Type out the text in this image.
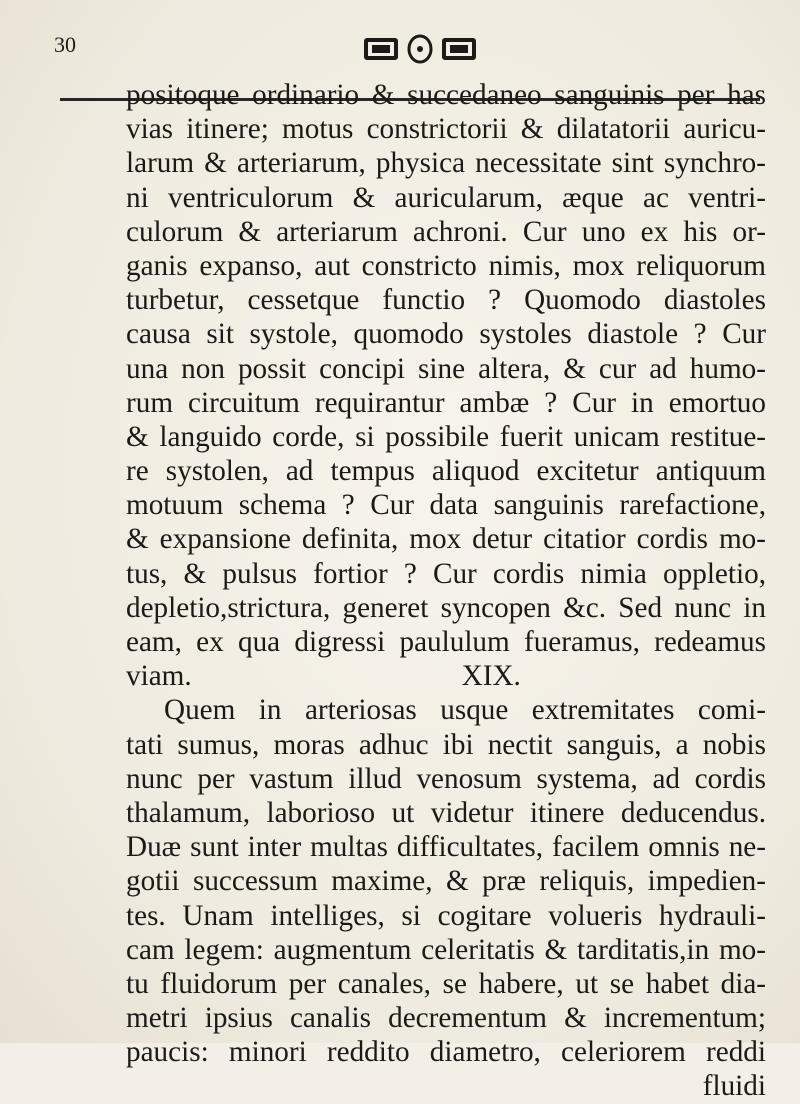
30
positoque ordinario & succedaneo sanguinis per has
vias itinere; motus constrictorii & dilatatorii auricu-
larum & arteriarum, physica necessitate sint synchro-
ni ventriculorum & auricularum, æque ac ventri-
culorum & arteriarum achroni. Cur uno ex his or-
ganis expanso, aut constricto nimis, mox reliquorum
turbetur, cessetque functio ? Quomodo diastoles
causa sit systole, quomodo systoles diastole ? Cur
una non possit concipi sine altera, & cur ad humo-
rum circuitum requirantur ambæ ? Cur in emortuo
& languido corde, si possibile fuerit unicam restitue-
re systolen, ad tempus aliquod excitetur antiquum
motuum schema ? Cur data sanguinis rarefactione,
& expansione definita, mox detur citatior cordis mo-
tus, & pulsus fortior ? Cur cordis nimia oppletio,
depletio,strictura, generet syncopen &c. Sed nunc in
eam, ex qua digressi paululum fueramus, redeamus
viam.	XIX.
Quem in arteriosas usque extremitates comi-
tati sumus, moras adhuc ibi nectit sanguis, a nobis
nunc per vastum illud venosum systema, ad cordis
thalamum, laborioso ut videtur itinere deducendus.
Duæ sunt inter multas difficultates, facilem omnis ne-
gotii successum maxime, & præ reliquis, impedien-
tes. Unam intelliges, si cogitare volueris hydrauli-
cam legem: augmentum celeritatis & tarditatis,in mo-
tu fluidorum per canales, se habere, ut se habet dia-
metri ipsius canalis decrementum & incrementum;
paucis: minori reddito diametro, celeriorem reddi
fluidi
